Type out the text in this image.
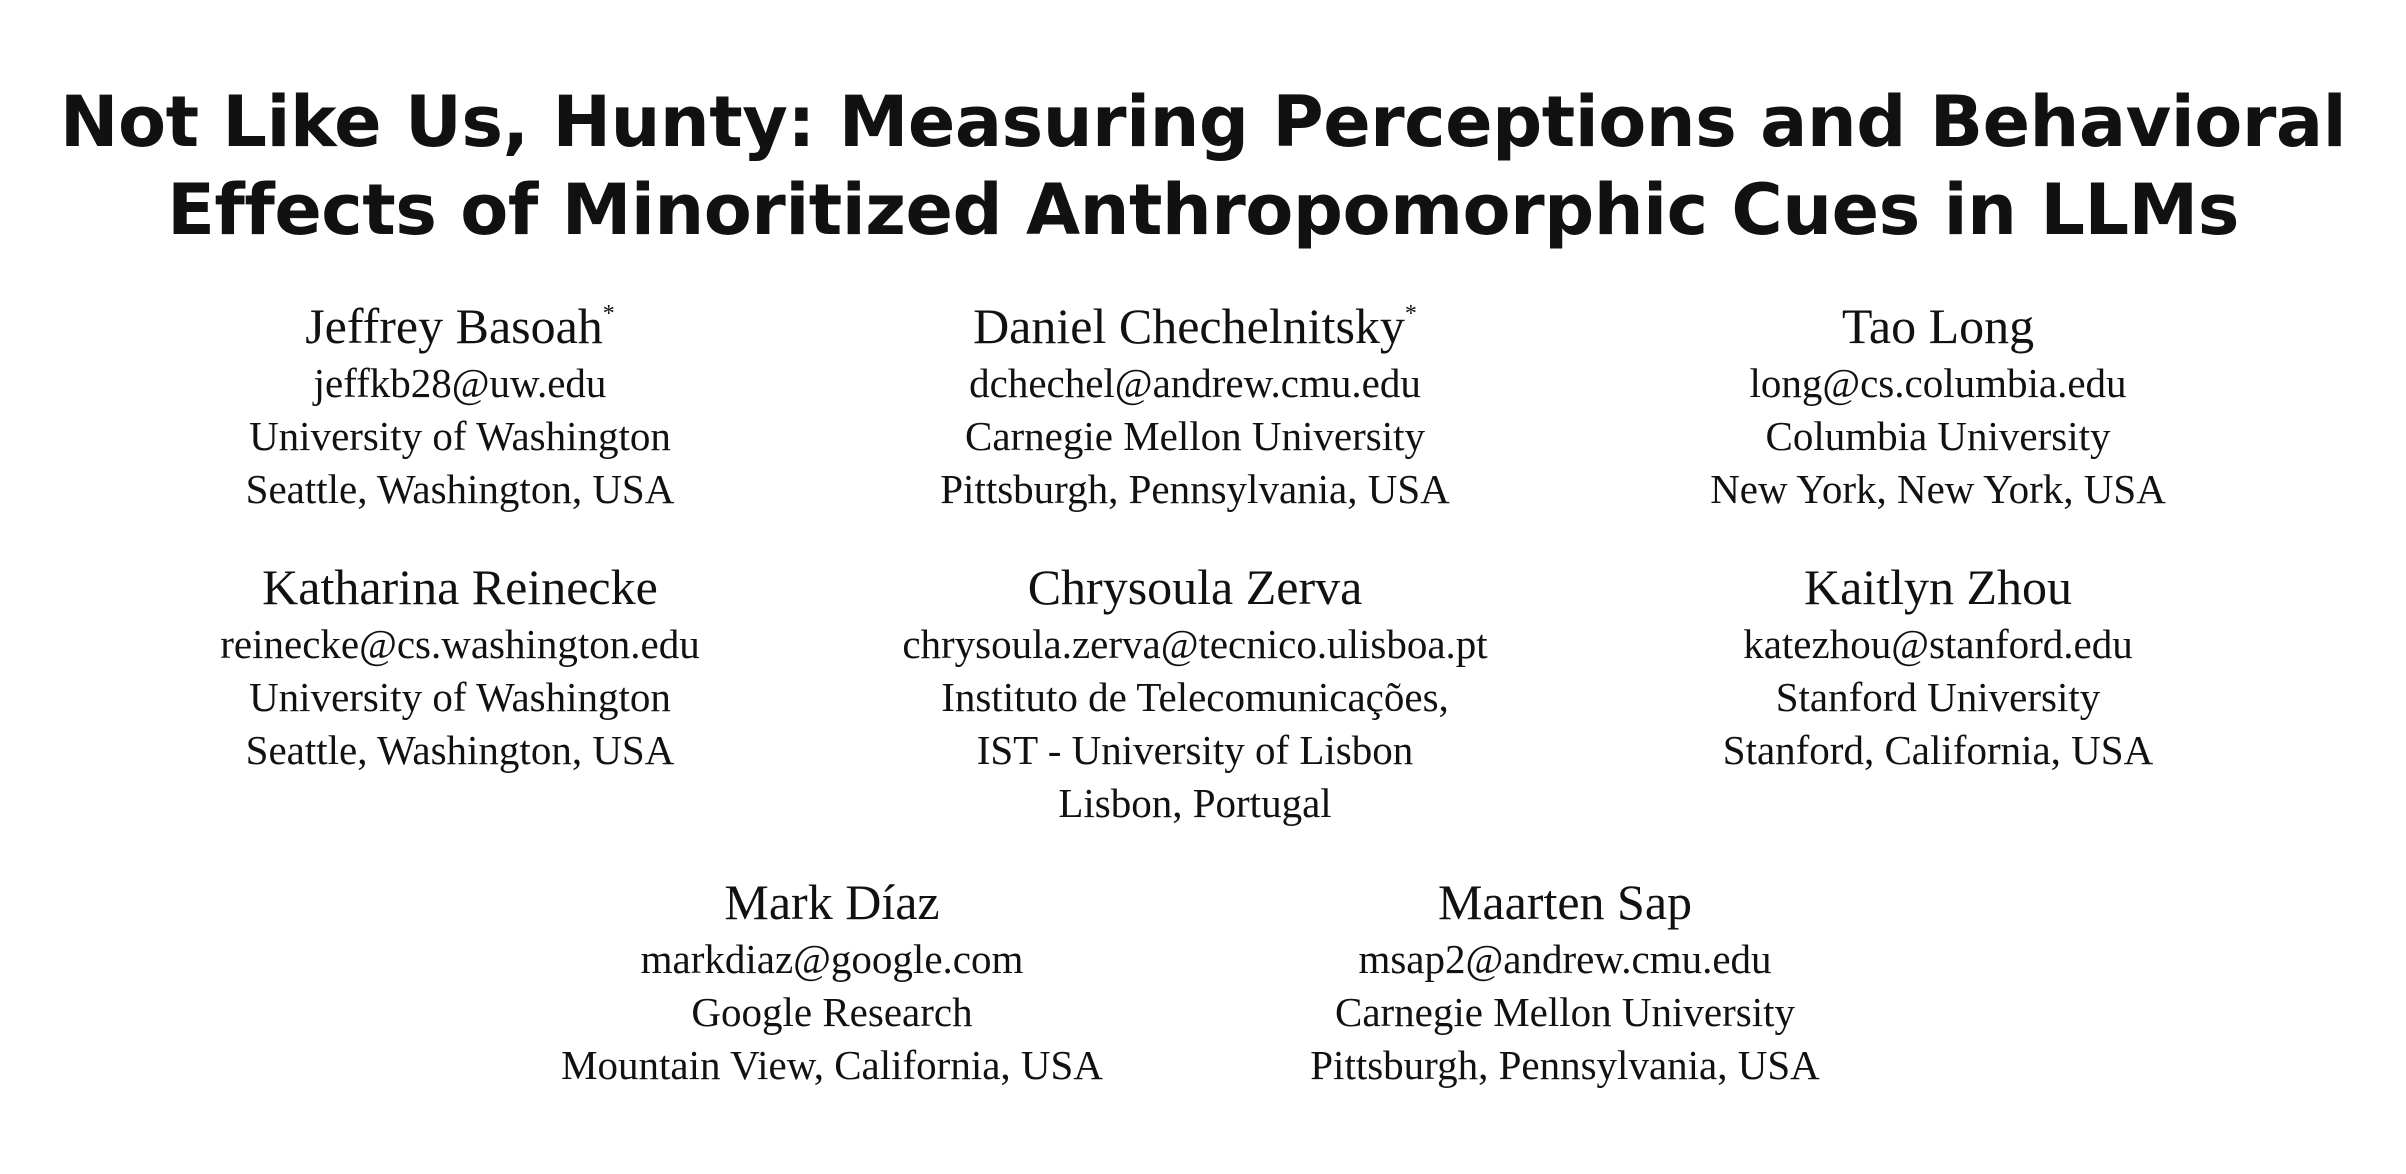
Not Like Us, Hunty: Measuring Perceptions and Behavioral
Effects of Minoritized Anthropomorphic Cues in LLMs
Jeffrey Basoah*
jeffkb28@uw.edu
University of Washington
Seattle, Washington, USA
Daniel Chechelnitsky*
dchechel@andrew.cmu.edu
Carnegie Mellon University
Pittsburgh, Pennsylvania, USA
Tao Long
long@cs.columbia.edu
Columbia University
New York, New York, USA
Katharina Reinecke
reinecke@cs.washington.edu
University of Washington
Seattle, Washington, USA
Chrysoula Zerva
chrysoula.zerva@tecnico.ulisboa.pt
Instituto de Telecomunicações,
IST - University of Lisbon
Lisbon, Portugal
Kaitlyn Zhou
katezhou@stanford.edu
Stanford University
Stanford, California, USA
Mark Díaz
markdiaz@google.com
Google Research
Mountain View, California, USA
Maarten Sap
msap2@andrew.cmu.edu
Carnegie Mellon University
Pittsburgh, Pennsylvania, USA
